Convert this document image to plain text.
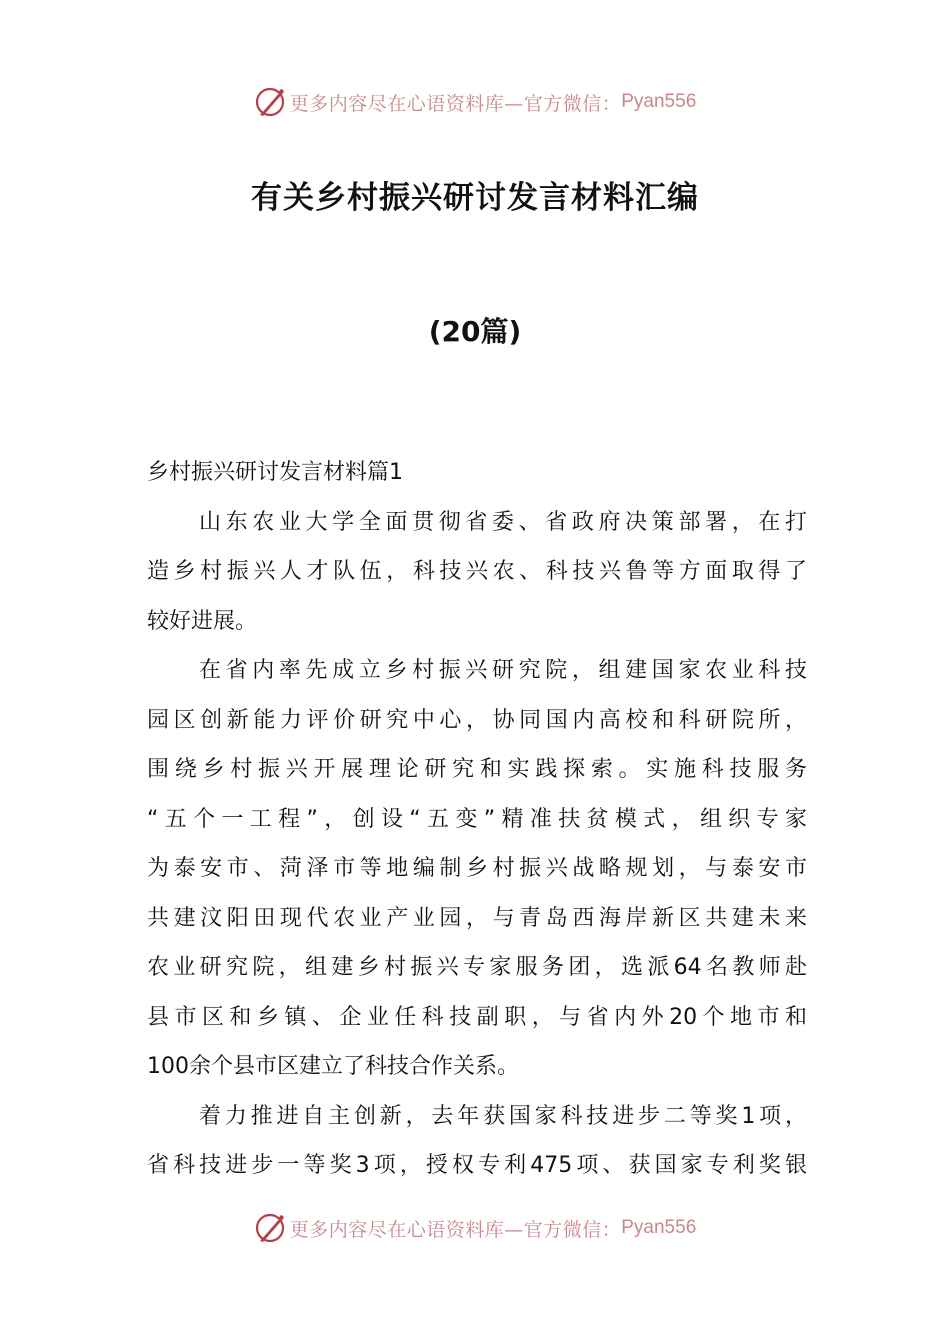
更多内容尽在心语资料库—官方微信： Pyan556
有关乡村振兴研讨发言材料汇编
(20篇)
乡村振兴研讨发言材料篇1
山东农业大学全面贯彻省委、省政府决策部署，在打
造乡村振兴人才队伍，科技兴农、科技兴鲁等方面取得了
较好进展。
在省内率先成立乡村振兴研究院，组建国家农业科技
园区创新能力评价研究中心，协同国内高校和科研院所，
围绕乡村振兴开展理论研究和实践探索。实施科技服务
“五个一工程”，创设“五变”精准扶贫模式，组织专家
为泰安市、菏泽市等地编制乡村振兴战略规划，与泰安市
共建汶阳田现代农业产业园，与青岛西海岸新区共建未来
农业研究院，组建乡村振兴专家服务团，选派64名教师赴
县市区和乡镇、企业任科技副职，与省内外20个地市和
100余个县市区建立了科技合作关系。
着力推进自主创新，去年获国家科技进步二等奖1项，
省科技进步一等奖3项，授权专利475项、获国家专利奖银
更多内容尽在心语资料库—官方微信： Pyan556
